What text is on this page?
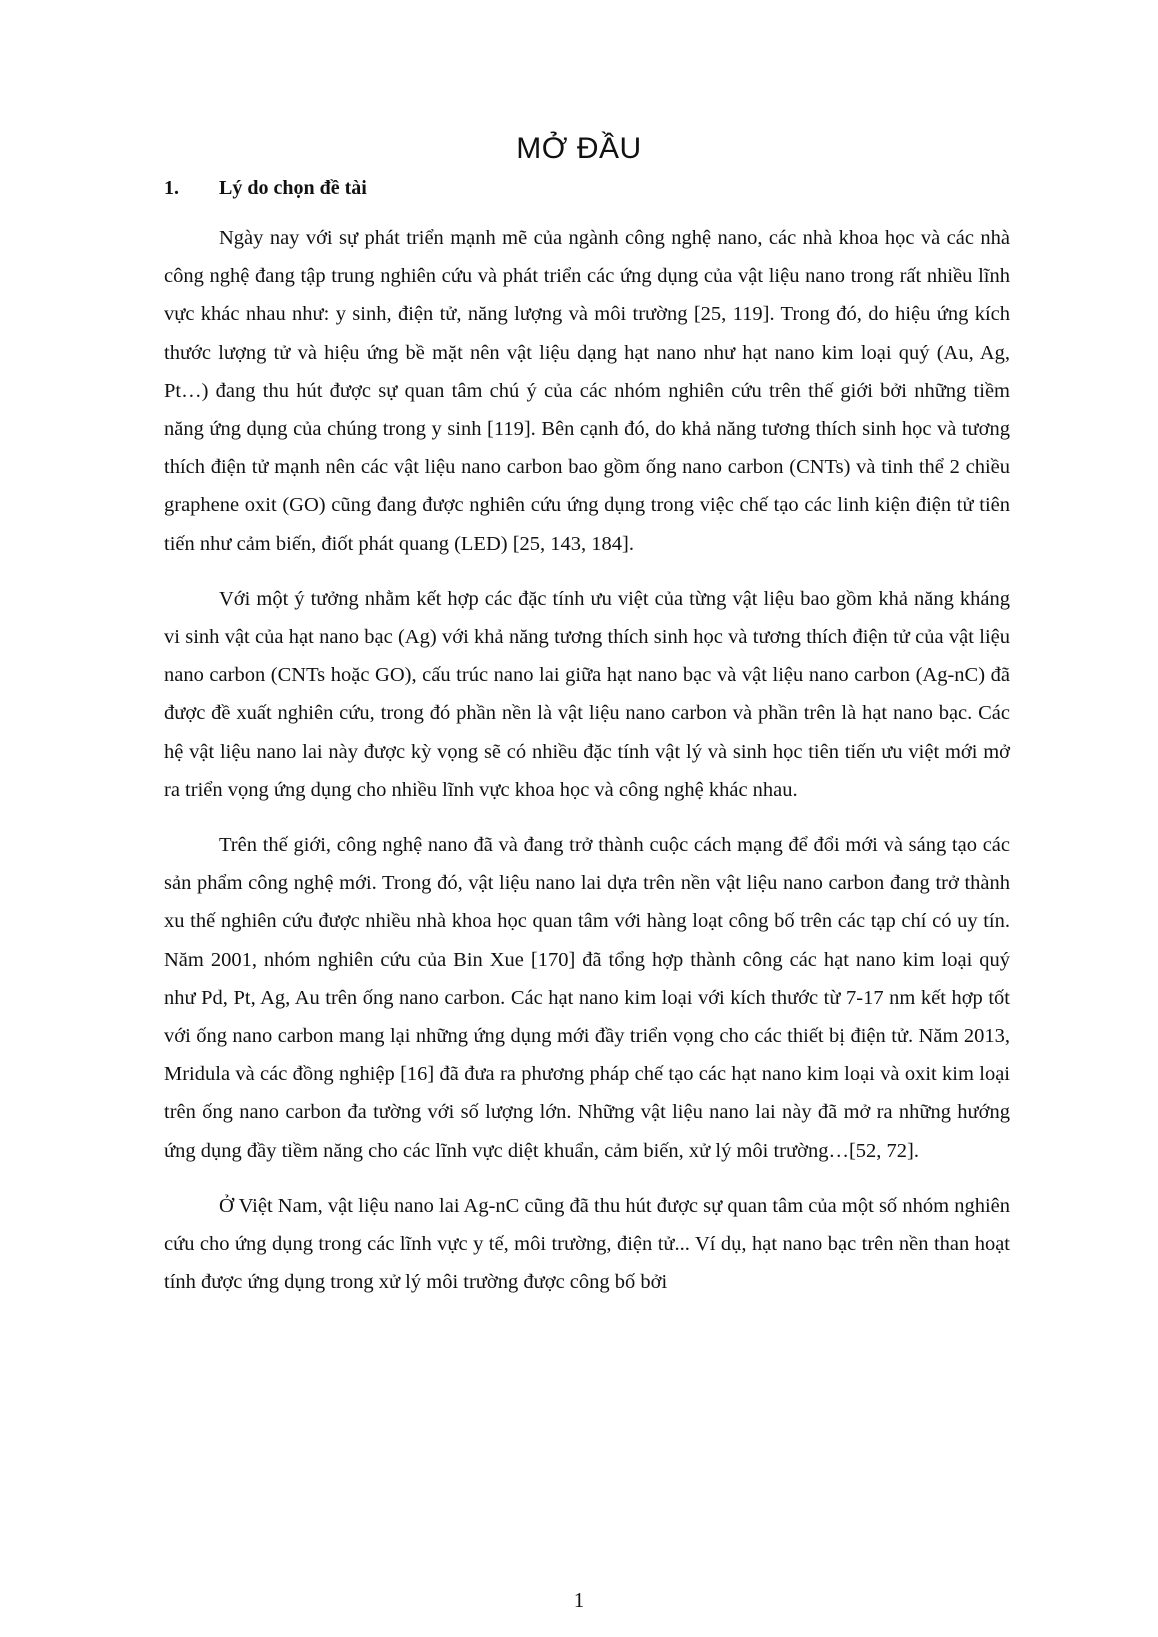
MỞ ĐẦU
1. Lý do chọn đề tài

Ngày nay với sự phát triển mạnh mẽ của ngành công nghệ nano, các nhà khoa học và các nhà công nghệ đang tập trung nghiên cứu và phát triển các ứng dụng của vật liệu nano trong rất nhiều lĩnh vực khác nhau như: y sinh, điện tử, năng lượng và môi trường [25, 119]. Trong đó, do hiệu ứng kích thước lượng tử và hiệu ứng bề mặt nên vật liệu dạng hạt nano như hạt nano kim loại quý (Au, Ag, Pt…) đang thu hút được sự quan tâm chú ý của các nhóm nghiên cứu trên thế giới bởi những tiềm năng ứng dụng của chúng trong y sinh [119]. Bên cạnh đó, do khả năng tương thích sinh học và tương thích điện tử mạnh nên các vật liệu nano carbon bao gồm ống nano carbon (CNTs) và tinh thể 2 chiều graphene oxit (GO) cũng đang được nghiên cứu ứng dụng trong việc chế tạo các linh kiện điện tử tiên tiến như cảm biến, điốt phát quang (LED) [25, 143, 184].

Với một ý tưởng nhằm kết hợp các đặc tính ưu việt của từng vật liệu bao gồm khả năng kháng vi sinh vật của hạt nano bạc (Ag) với khả năng tương thích sinh học và tương thích điện tử của vật liệu nano carbon (CNTs hoặc GO), cấu trúc nano lai giữa hạt nano bạc và vật liệu nano carbon (Ag-nC) đã được đề xuất nghiên cứu, trong đó phần nền là vật liệu nano carbon và phần trên là hạt nano bạc. Các hệ vật liệu nano lai này được kỳ vọng sẽ có nhiều đặc tính vật lý và sinh học tiên tiến ưu việt mới mở ra triển vọng ứng dụng cho nhiều lĩnh vực khoa học và công nghệ khác nhau.

Trên thế giới, công nghệ nano đã và đang trở thành cuộc cách mạng để đổi mới và sáng tạo các sản phẩm công nghệ mới. Trong đó, vật liệu nano lai dựa trên nền vật liệu nano carbon đang trở thành xu thế nghiên cứu được nhiều nhà khoa học quan tâm với hàng loạt công bố trên các tạp chí có uy tín. Năm 2001, nhóm nghiên cứu của Bin Xue [170] đã tổng hợp thành công các hạt nano kim loại quý như Pd, Pt, Ag, Au trên ống nano carbon. Các hạt nano kim loại với kích thước từ 7-17 nm kết hợp tốt với ống nano carbon mang lại những ứng dụng mới đầy triển vọng cho các thiết bị điện tử. Năm 2013, Mridula và các đồng nghiệp [16] đã đưa ra phương pháp chế tạo các hạt nano kim loại và oxit kim loại trên ống nano carbon đa tường với số lượng lớn. Những vật liệu nano lai này đã mở ra những hướng ứng dụng đầy tiềm năng cho các lĩnh vực diệt khuẩn, cảm biến, xử lý môi trường…[52, 72].

Ở Việt Nam, vật liệu nano lai Ag-nC cũng đã thu hút được sự quan tâm của một số nhóm nghiên cứu cho ứng dụng trong các lĩnh vực y tế, môi trường, điện tử... Ví dụ, hạt nano bạc trên nền than hoạt tính được ứng dụng trong xử lý môi trường được công bố bởi

1
